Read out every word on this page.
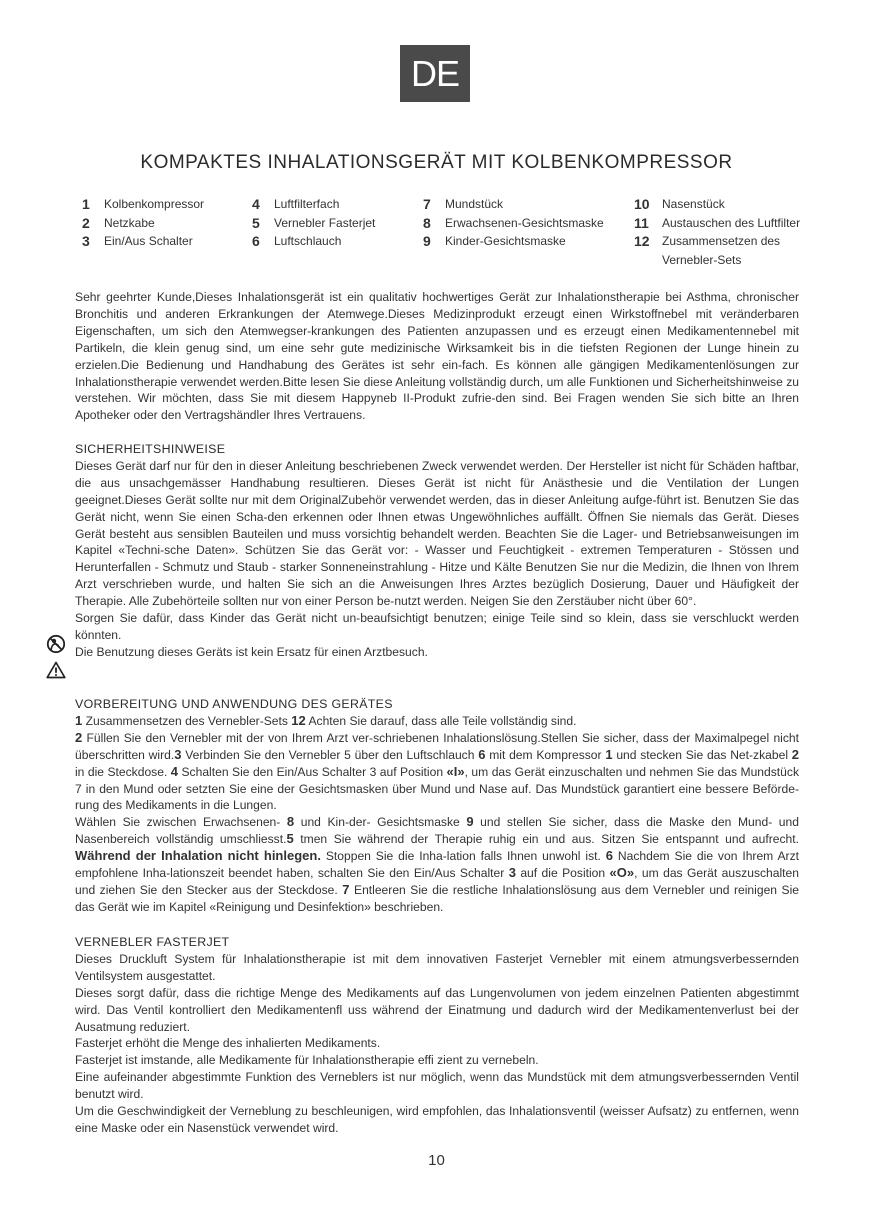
DE
KOMPAKTES INHALATIONSGERÄT MIT KOLBENKOMPRESSOR
1	Kolbenkompressor
2	Netzkabe
3	Ein/Aus Schalter
4	Luftfilterfach
5	Vernebler Fasterjet
6	Luftschlauch
7	Mundstück
8	Erwachsenen-Gesichtsmaske
9	Kinder-Gesichtsmaske
10	Nasenstück
11	Austauschen des Luftfilter
12	Zusammensetzen des
Vernebler-Sets

Sehr geehrter Kunde,Dieses Inhalationsgerät ist ein qualitativ hochwertiges Gerät zur Inhalationstherapie bei Asthma, chronischer Bronchitis und anderen Erkrankungen der Atemwege.Dieses Medizinprodukt erzeugt einen Wirkstoffnebel mit veränderbaren Eigenschaften, um sich den Atemwegser-krankungen des Patienten anzupassen und es erzeugt einen Medikamentennebel mit Partikeln, die klein genug sind, um eine sehr gute medizinische Wirksamkeit bis in die tiefsten Regionen der Lunge hinein zu erzielen.Die Bedienung und Handhabung des Gerätes ist sehr ein-fach. Es können alle gängigen Medikamentenlösungen zur Inhalationstherapie verwendet werden.Bitte lesen Sie diese Anleitung vollständig durch, um alle Funktionen und Sicherheitshinweise zu verstehen. Wir möchten, dass Sie mit diesem Happyneb II-Produkt zufrie-den sind. Bei Fragen wenden Sie sich bitte an Ihren Apotheker oder den Vertragshändler Ihres Vertrauens.

SICHERHEITSHINWEISE

Dieses Gerät darf nur für den in dieser Anleitung beschriebenen Zweck verwendet werden. Der Hersteller ist nicht für Schäden haftbar, die aus unsachgemässer Handhabung resultieren. Dieses Gerät ist nicht für Anästhesie und die Ventilation der Lungen geeignet.Dieses Gerät sollte nur mit dem OriginalZubehör verwendet werden, das in dieser Anleitung aufge-führt ist. Benutzen Sie das Gerät nicht, wenn Sie einen Scha-den erkennen oder Ihnen etwas Ungewöhnliches auffällt. Öffnen Sie niemals das Gerät. Dieses Gerät besteht aus sensiblen Bauteilen und muss vorsichtig behandelt werden. Beachten Sie die Lager- und Betriebsanweisungen im Kapitel «Techni-sche Daten». Schützen Sie das Gerät vor: - Wasser und Feuchtigkeit - extremen Temperaturen - Stössen und Herunterfallen - Schmutz und Staub - starker Sonneneinstrahlung - Hitze und Kälte Benutzen Sie nur die Medizin, die Ihnen von Ihrem Arzt verschrieben wurde, und halten Sie sich an die Anweisungen Ihres Arztes bezüglich Dosierung, Dauer und Häufigkeit der Therapie. Alle Zubehörteile sollten nur von einer Person be-nutzt werden. Neigen Sie den Zerstäuber nicht über 60°.

Sorgen Sie dafür, dass Kinder das Gerät nicht un-beaufsichtigt benutzen; einige Teile sind so klein, dass sie verschluckt werden könnten.

Die Benutzung dieses Geräts ist kein Ersatz für einen Arztbesuch.

VORBEREITUNG UND ANWENDUNG DES GERÄTES

1 Zusammensetzen des Vernebler-Sets 12 Achten Sie darauf, dass alle Teile vollständig sind.

2 Füllen Sie den Vernebler mit der von Ihrem Arzt ver-schriebenen Inhalationslösung.Stellen Sie sicher, dass der Maximalpegel nicht überschritten wird.3 Verbinden Sie den Vernebler 5 über den Luftschlauch 6 mit dem Kompressor 1 und stecken Sie das Net-zkabel 2 in die Steckdose. 4 Schalten Sie den Ein/Aus Schalter 3 auf Position «I», um das Gerät einzuschalten und nehmen Sie das Mundstück 7 in den Mund oder setzten Sie eine der Gesichtsmasken über Mund und Nase auf. Das Mundstück garantiert eine bessere Beförde-rung des Medikaments in die Lungen.

Wählen Sie zwischen Erwachsenen- 8 und Kin-der- Gesichtsmaske 9 und stellen Sie sicher, dass die Maske den Mund- und Nasenbereich vollständig umschliesst.5 tmen Sie während der Therapie ruhig ein und aus. Sitzen Sie entspannt und aufrecht. Während der Inhalation nicht hinlegen. Stoppen Sie die Inha-lation falls Ihnen unwohl ist. 6 Nachdem Sie die von Ihrem Arzt empfohlene Inha-lationszeit beendet haben, schalten Sie den Ein/Aus Schalter 3 auf die Position «O», um das Gerät auszuschalten und ziehen Sie den Stecker aus der Steckdose. 7 Entleeren Sie die restliche Inhalationslösung aus dem Vernebler und reinigen Sie das Gerät wie im Kapitel «Reinigung und Desinfektion» beschrieben.

VERNEBLER FASTERJET

Dieses Druckluft System für Inhalationstherapie ist mit dem innovativen Fasterjet Vernebler mit einem atmungsverbessernden Ventilsystem ausgestattet.

Dieses sorgt dafür, dass die richtige Menge des Medikaments auf das Lungenvolumen von jedem einzelnen Patienten abgestimmt wird. Das Ventil kontrolliert den Medikamentenfl uss während der Einatmung und dadurch wird der Medikamentenverlust bei der Ausatmung reduziert.

Fasterjet erhöht die Menge des inhalierten Medikaments.

Fasterjet ist imstande, alle Medikamente für Inhalationstherapie effi zient zu vernebeln.

Eine aufeinander abgestimmte Funktion des Verneblers ist nur möglich, wenn das Mundstück mit dem atmungsverbessernden Ventil benutzt wird.

Um die Geschwindigkeit der Verneblung zu beschleunigen, wird empfohlen, das Inhalationsventil (weisser Aufsatz) zu entfernen, wenn eine Maske oder ein Nasenstück verwendet wird.

10
